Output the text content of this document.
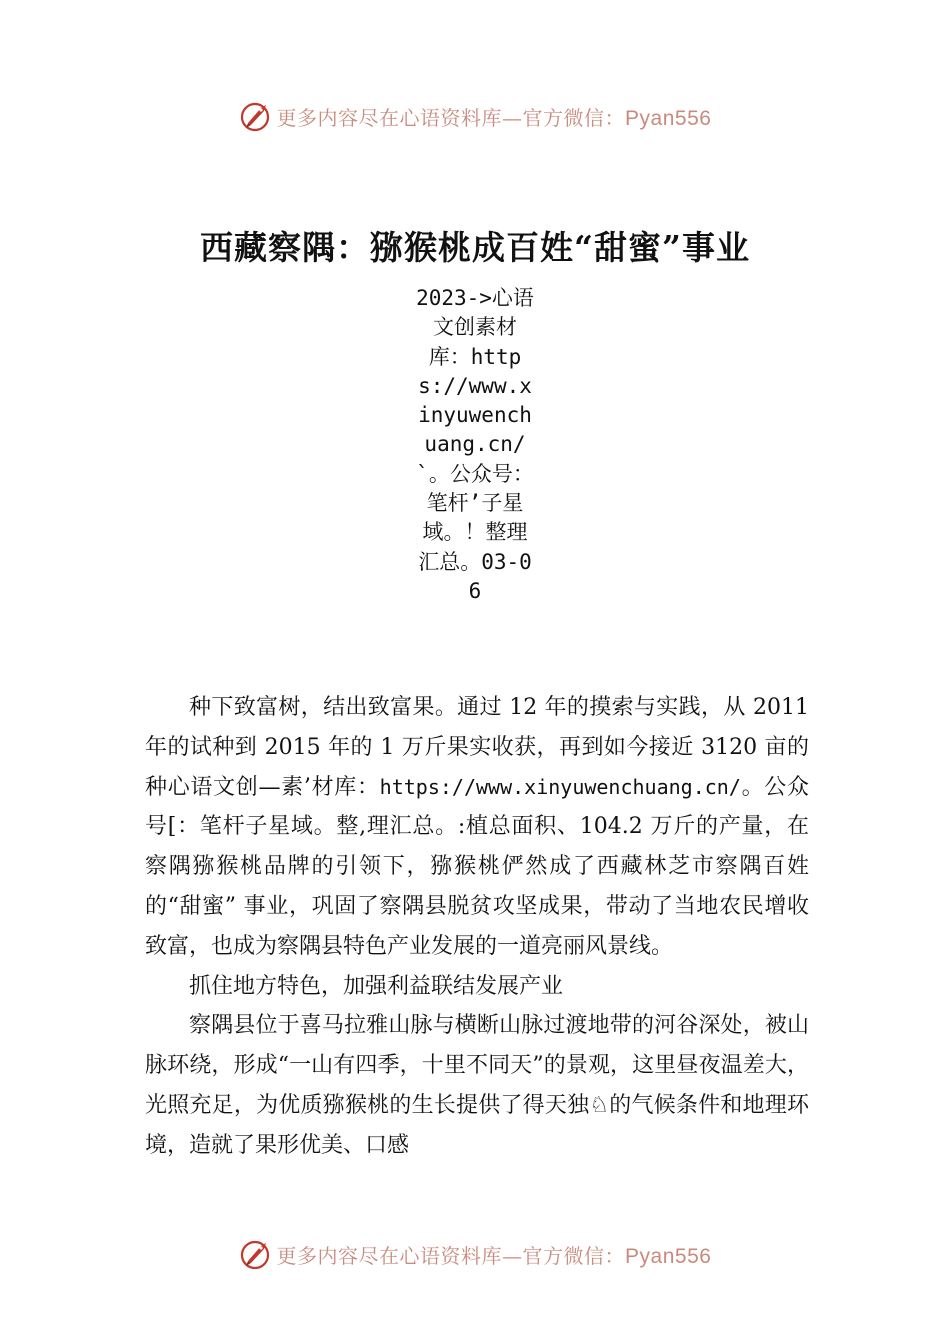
更多内容尽在心语资料库—官方微信：Pyan556
西藏察隅：猕猴桃成百姓“甜蜜”事业
2023->心语文创素材库：https://www.xinyuwenchuang.cn/`。公众号：笔杆’子星域。！整理汇总。03-06

种下致富树，结出致富果。通过 12 年的摸索与实践，从 2011 年的试种到 2015 年的 1 万斤果实收获，再到如今接近 3120 亩的种心语文创—素’材库：https://www.xinyuwenchuang.cn/。公众号[：笔杆子星域。整,理汇总。:植总面积、104.2 万斤的产量，在察隅猕猴桃品牌的引领下，猕猴桃俨然成了西藏林芝市察隅百姓的“甜蜜” 事业，巩固了察隅县脱贫攻坚成果，带动了当地农民增收致富，也成为察隅县特色产业发展的一道亮丽风景线。

抓住地方特色，加强利益联结发展产业

察隅县位于喜马拉雅山脉与横断山脉过渡地带的河谷深处，被山脉环绕，形成“一山有四季，十里不同天”的景观，这里昼夜温差大，光照充足，为优质猕猴桃的生长提供了得天独♘的气候条件和地理环境，造就了果形优美、口感

更多内容尽在心语资料库—官方微信：Pyan556
